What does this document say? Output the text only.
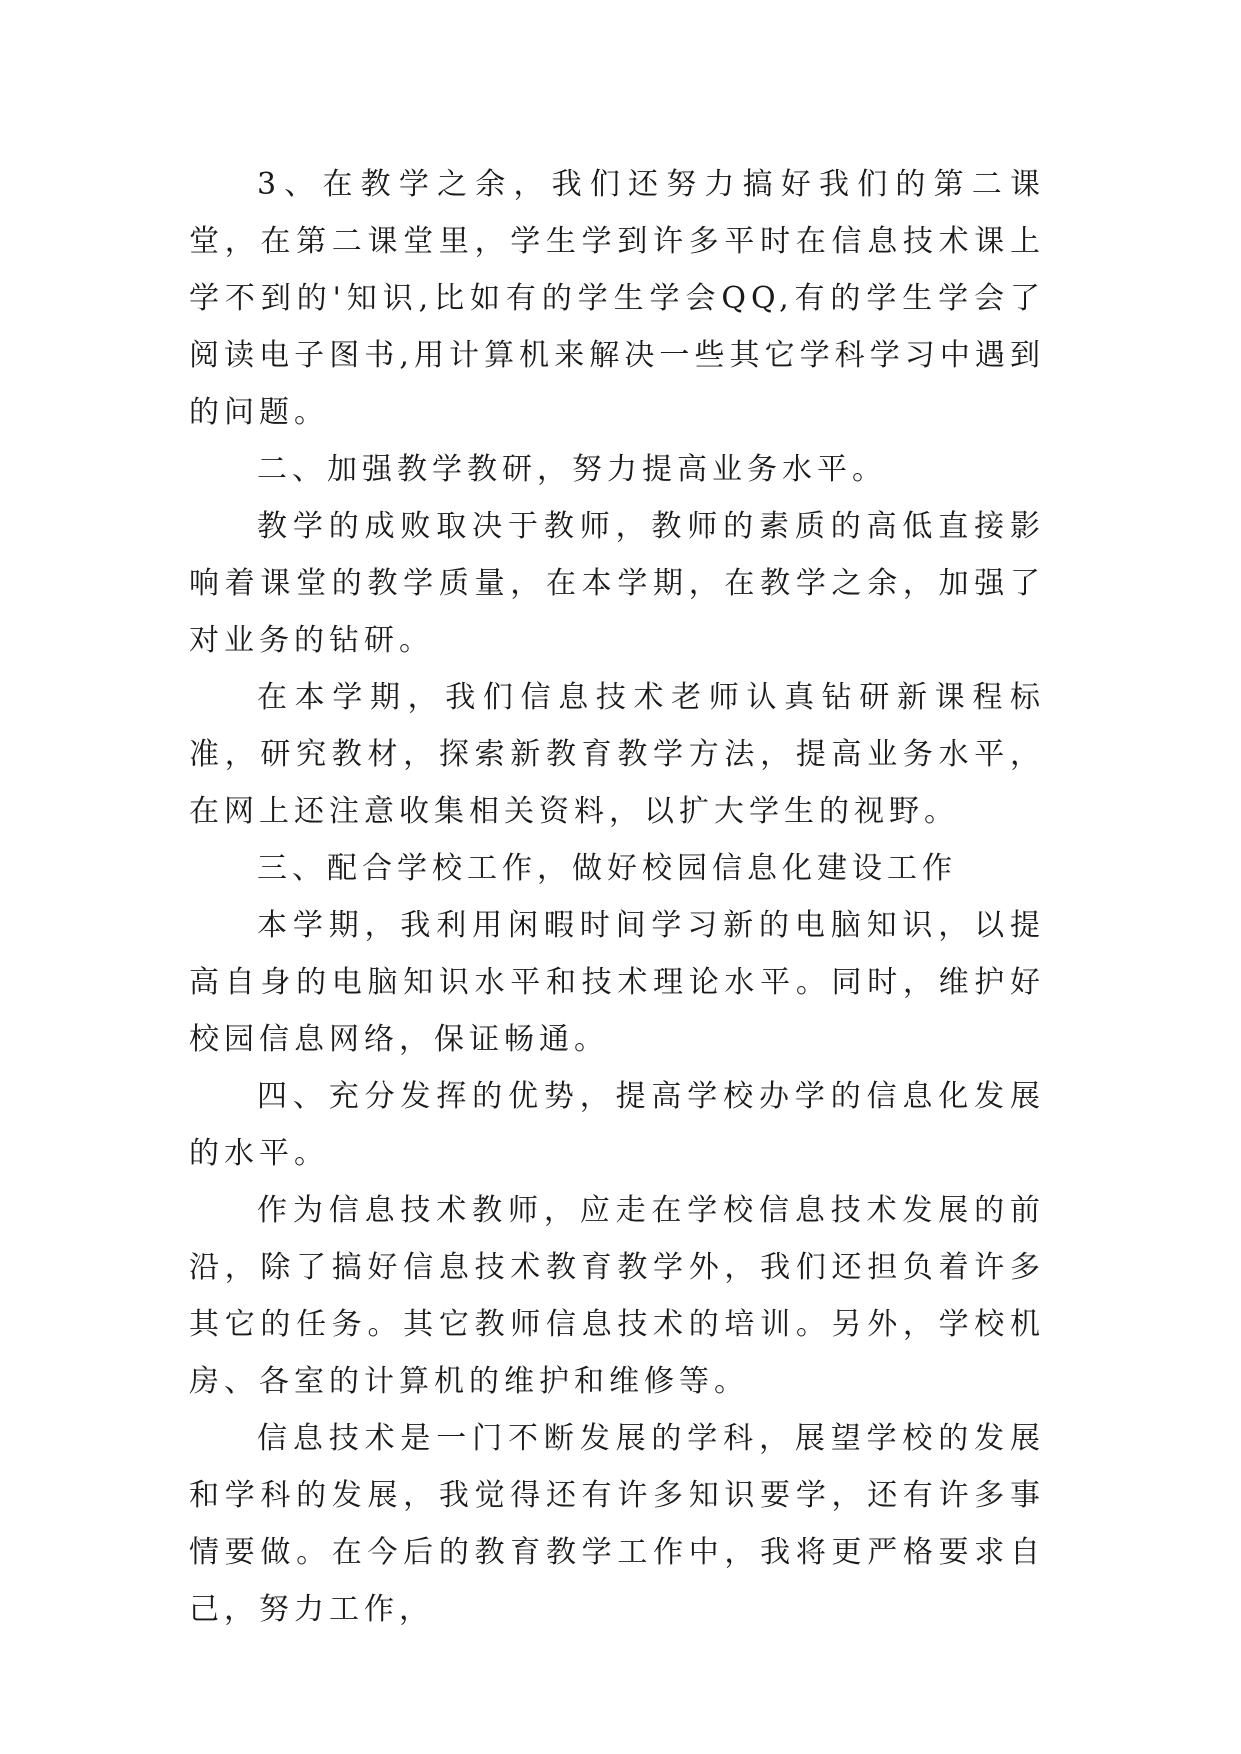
3、在教学之余，我们还努力搞好我们的第二课堂，在第二课堂里，学生学到许多平时在信息技术课上学不到的'知识,比如有的学生学会QQ,有的学生学会了阅读电子图书,用计算机来解决一些其它学科学习中遇到的问题。

二、加强教学教研，努力提高业务水平。

教学的成败取决于教师，教师的素质的高低直接影响着课堂的教学质量，在本学期，在教学之余，加强了对业务的钻研。

在本学期，我们信息技术老师认真钻研新课程标准，研究教材，探索新教育教学方法，提高业务水平，在网上还注意收集相关资料，以扩大学生的视野。

三、配合学校工作，做好校园信息化建设工作

本学期，我利用闲暇时间学习新的电脑知识，以提高自身的电脑知识水平和技术理论水平。同时，维护好校园信息网络，保证畅通。

四、充分发挥的优势，提高学校办学的信息化发展的水平。

作为信息技术教师，应走在学校信息技术发展的前沿，除了搞好信息技术教育教学外，我们还担负着许多其它的任务。其它教师信息技术的培训。另外，学校机房、各室的计算机的维护和维修等。

信息技术是一门不断发展的学科，展望学校的发展和学科的发展，我觉得还有许多知识要学，还有许多事情要做。在今后的教育教学工作中，我将更严格要求自己，努力工作，
